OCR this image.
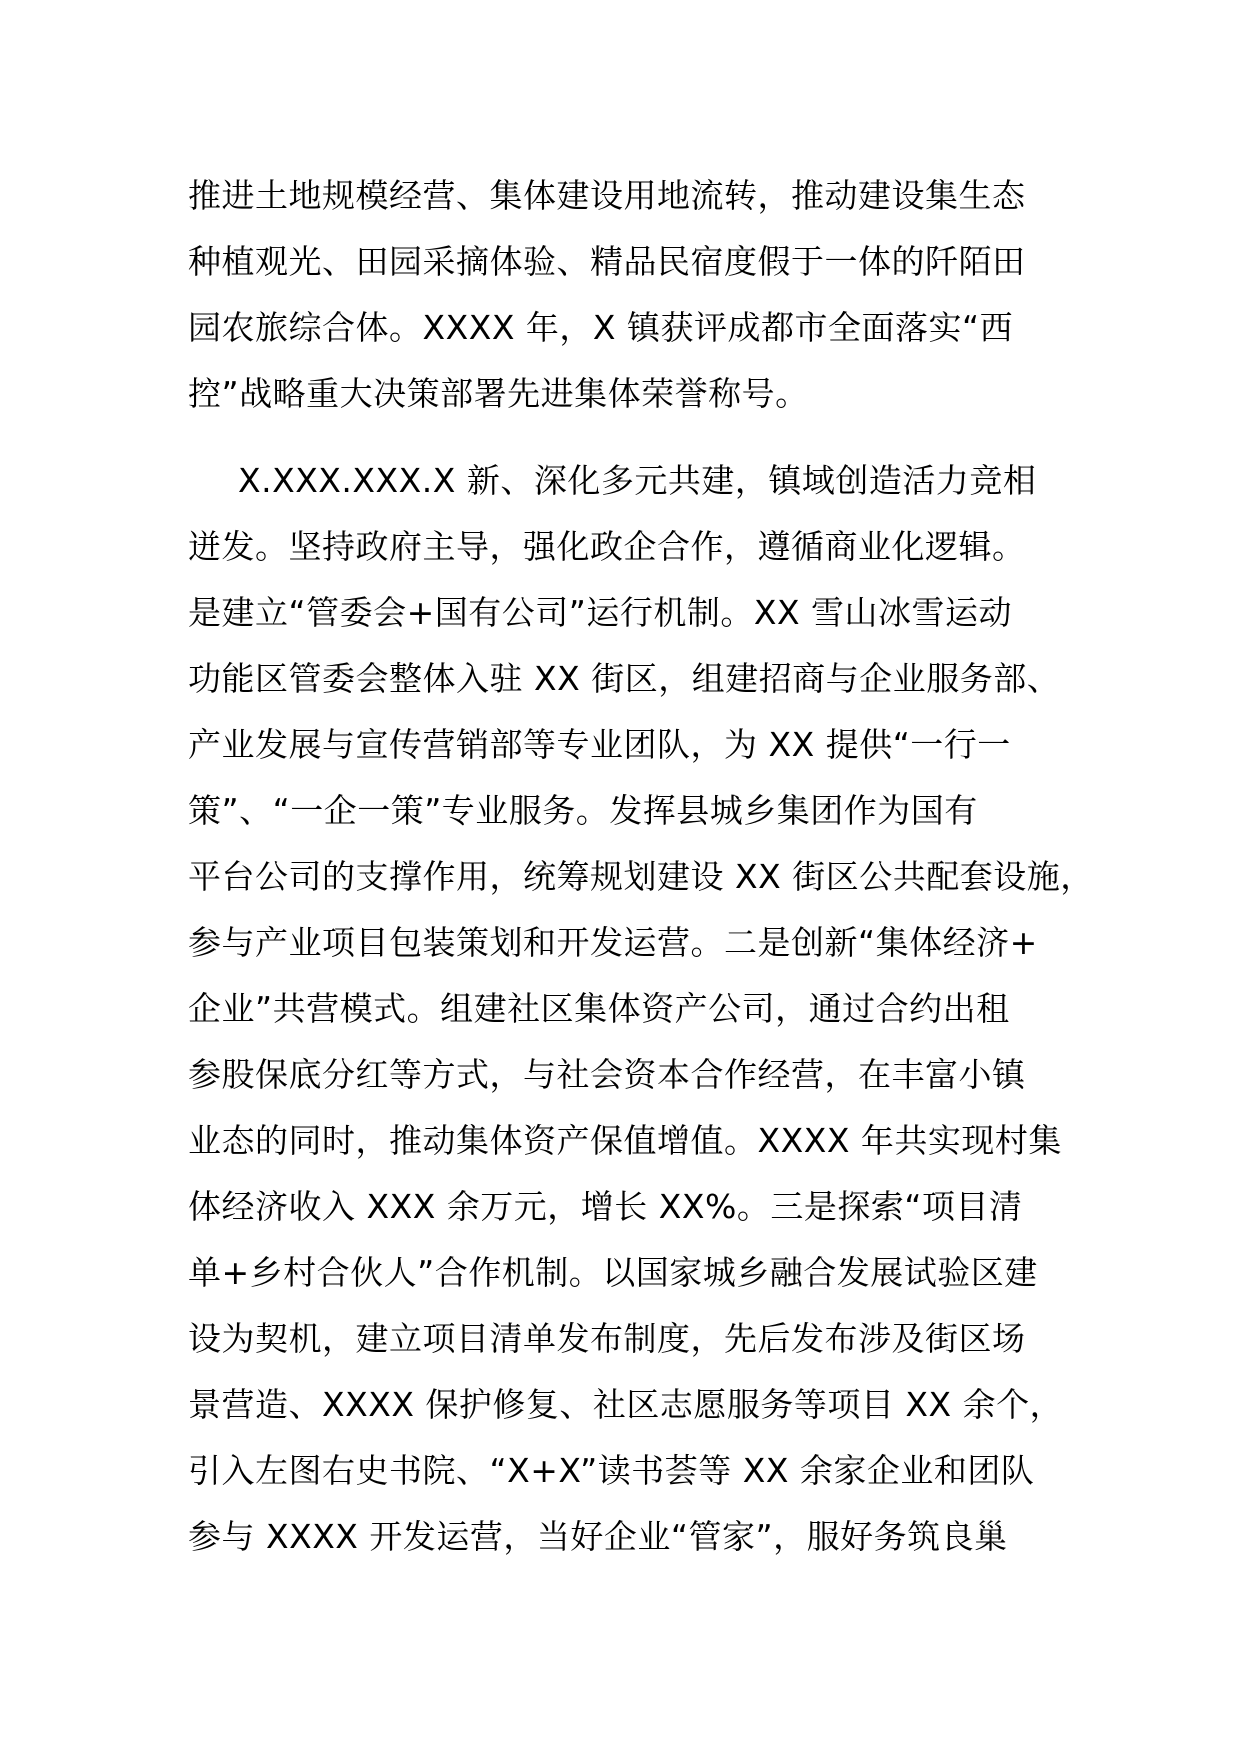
推进土地规模经营、集体建设用地流转，推动建设集生态
种植观光、田园采摘体验、精品民宿度假于一体的阡陌田
园农旅综合体。XXXX 年，X 镇获评成都市全面落实“西
控”战略重大决策部署先进集体荣誉称号。
X.XXX.XXX.X 新、深化多元共建，镇域创造活力竞相
迸发。坚持政府主导，强化政企合作，遵循商业化逻辑。
是建立“管委会+国有公司”运行机制。XX 雪山冰雪运动
功能区管委会整体入驻 XX 街区，组建招商与企业服务部、
产业发展与宣传营销部等专业团队，为 XX 提供“一行一
策”、“一企一策”专业服务。发挥县城乡集团作为国有
平台公司的支撑作用，统筹规划建设 XX 街区公共配套设施，
参与产业项目包装策划和开发运营。二是创新“集体经济+
企业”共营模式。组建社区集体资产公司，通过合约出租
参股保底分红等方式，与社会资本合作经营，在丰富小镇
业态的同时，推动集体资产保值增值。XXXX 年共实现村集
体经济收入 XXX 余万元，增长 XX%。三是探索“项目清
单+乡村合伙人”合作机制。以国家城乡融合发展试验区建
设为契机，建立项目清单发布制度，先后发布涉及街区场
景营造、XXXX 保护修复、社区志愿服务等项目 XX 余个，
引入左图右史书院、“X+X”读书荟等 XX 余家企业和团队
参与 XXXX 开发运营，当好企业“管家”，服好务筑良巢
